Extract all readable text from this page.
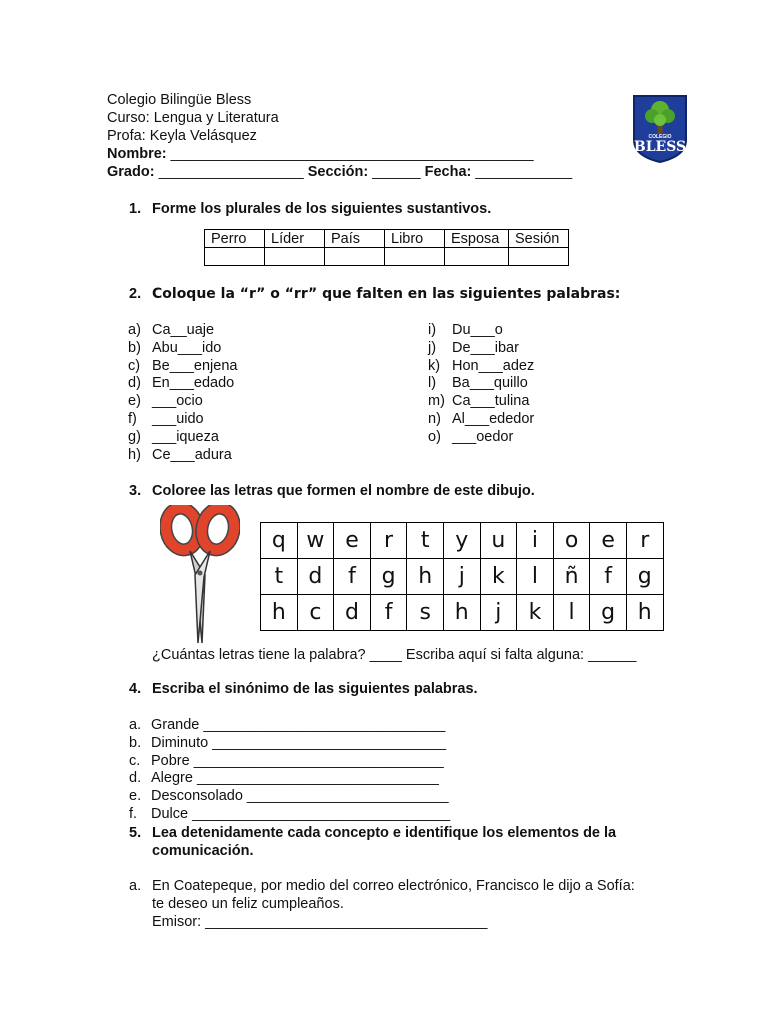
Colegio Bilingüe Bless
Curso: Lengua y Literatura
Profa: Keyla Velásquez
Nombre: _____________________________________________
Grado: __________________ Sección: ______ Fecha: ____________
COLEGIO
BLESS
1. Forme los plurales de los siguientes sustantivos.
Perro	Líder	País	Libro	Esposa	Sesión

2. Coloque la “r” o “rr” que falten en las siguientes palabras:
a) Ca__uaje
b) Abu___ido
c) Be___enjena
d) En___edado
e) ___ocio
f) ___uido
g) ___iqueza
h) Ce___adura
i) Du___o
j) De___ibar
k) Hon___adez
l) Ba___quillo
m) Ca___tulina
n) Al___ededor
o) ___oedor
3. Coloree las letras que formen el nombre de este dibujo.
q	w	e	r	t	y	u	i	o	e	r
t	d	f	g	h	j	k	l	ñ	f	g
h	c	d	f	s	h	j	k	l	g	h
¿Cuántas letras tiene la palabra? ____ Escriba aquí si falta alguna: ______
4. Escriba el sinónimo de las siguientes palabras.
a. Grande ______________________________
b. Diminuto _____________________________
c. Pobre _______________________________
d. Alegre ______________________________
e. Desconsolado _________________________
f. Dulce ________________________________
5. Lea detenidamente cada concepto e identifique los elementos de la
comunicación.
a. En Coatepeque, por medio del correo electrónico, Francisco le dijo a Sofía:
te deseo un feliz cumpleaños.
Emisor: ___________________________________
